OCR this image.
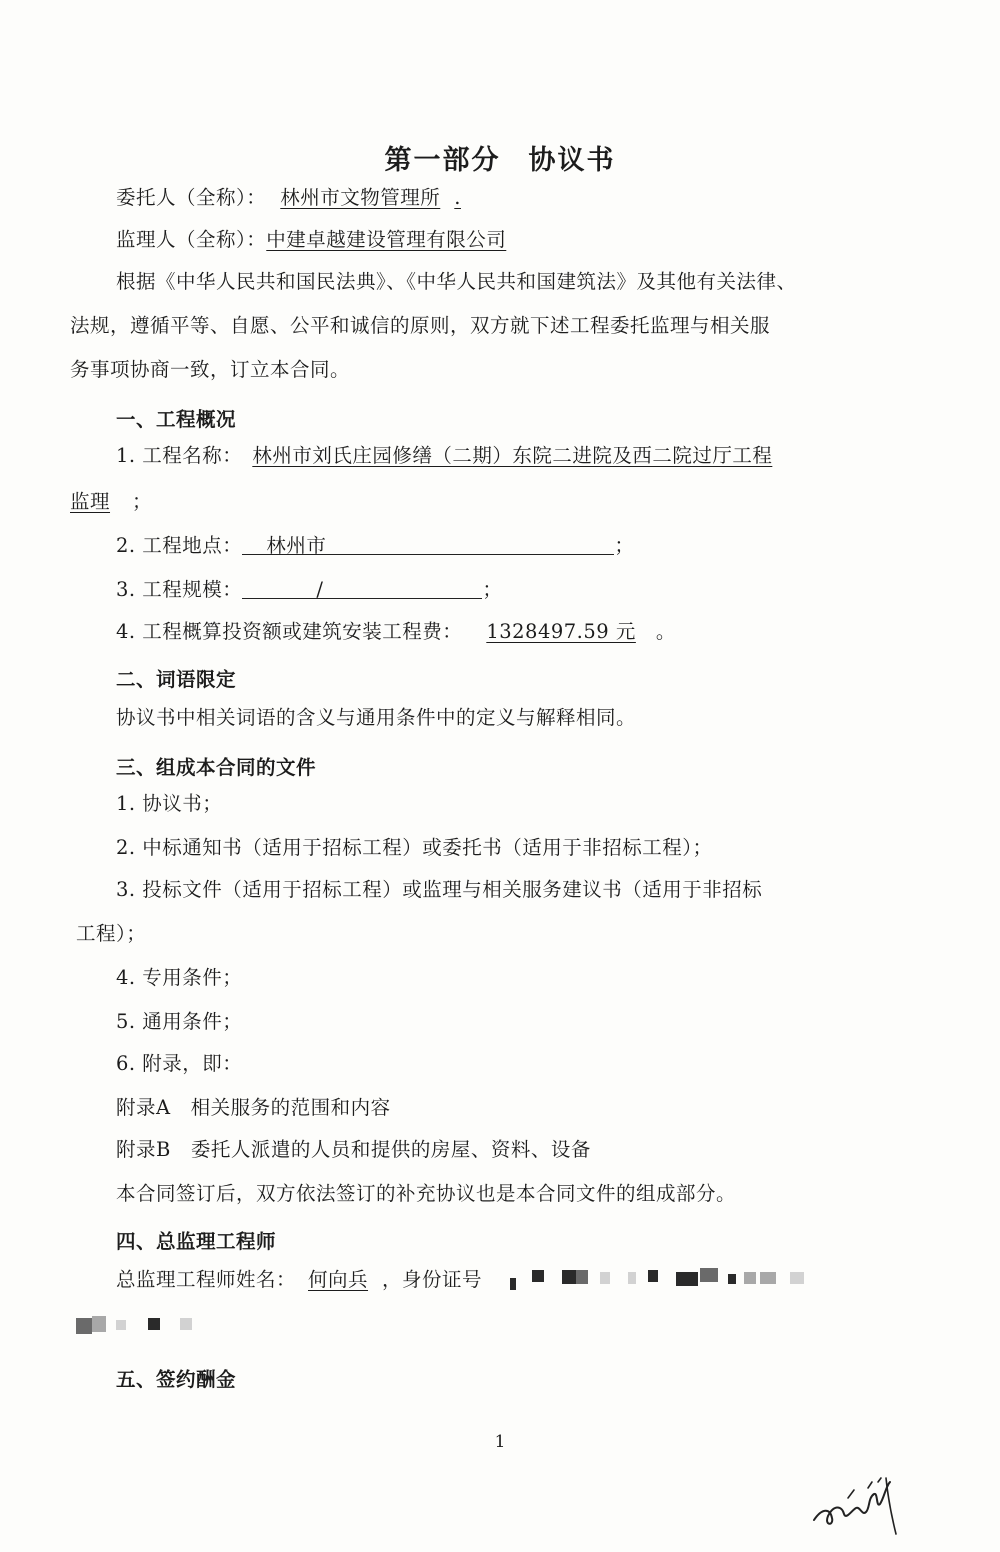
第一部分 协议书
委托人（全称）： 林州市文物管理所 .
监理人（全称）：中建卓越建设管理有限公司
根据《中华人民共和国民法典》、《中华人民共和国建筑法》及其他有关法律、
法规，遵循平等、自愿、公平和诚信的原则，双方就下述工程委托监理与相关服
务事项协商一致，订立本合同。
一、工程概况
1. 工程名称： 林州市刘氏庄园修缮（二期）东院二进院及西二院过厅工程
监理 ；
2. 工程地点： 林州市	；
3. 工程规模：	/	；
4. 工程概算投资额或建筑安装工程费： 1328497.59 元 。
二、词语限定
协议书中相关词语的含义与通用条件中的定义与解释相同。
三、组成本合同的文件
1. 协议书；
2. 中标通知书（适用于招标工程）或委托书（适用于非招标工程）；
3. 投标文件（适用于招标工程）或监理与相关服务建议书（适用于非招标
工程）；
4. 专用条件；
5. 通用条件；
6. 附录，即：
附录A　相关服务的范围和内容
附录B　委托人派遣的人员和提供的房屋、资料、设备
本合同签订后，双方依法签订的补充协议也是本合同文件的组成部分。
四、总监理工程师
总监理工程师姓名： 何向兵 ，身份证号
五、签约酬金
1
